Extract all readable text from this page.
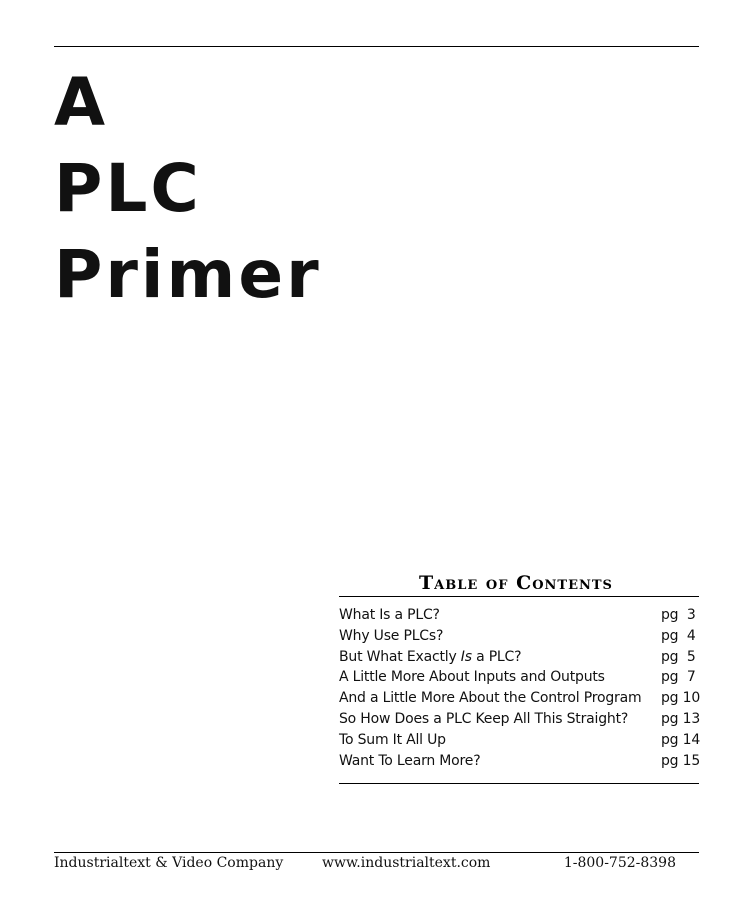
A
PLC
Primer
Table of Contents
What Is a PLC?	pg  3
Why Use PLCs?	pg  4
But What Exactly Is a PLC?	pg  5
A Little More About Inputs and Outputs	pg  7
And a Little More About the Control Program pg 10
So How Does a PLC Keep All This Straight? pg 13
To Sum It All Up	pg 14
Want To Learn More?	pg 15
Industrialtext & Video Company	www.industrialtext.com	1-800-752-8398
